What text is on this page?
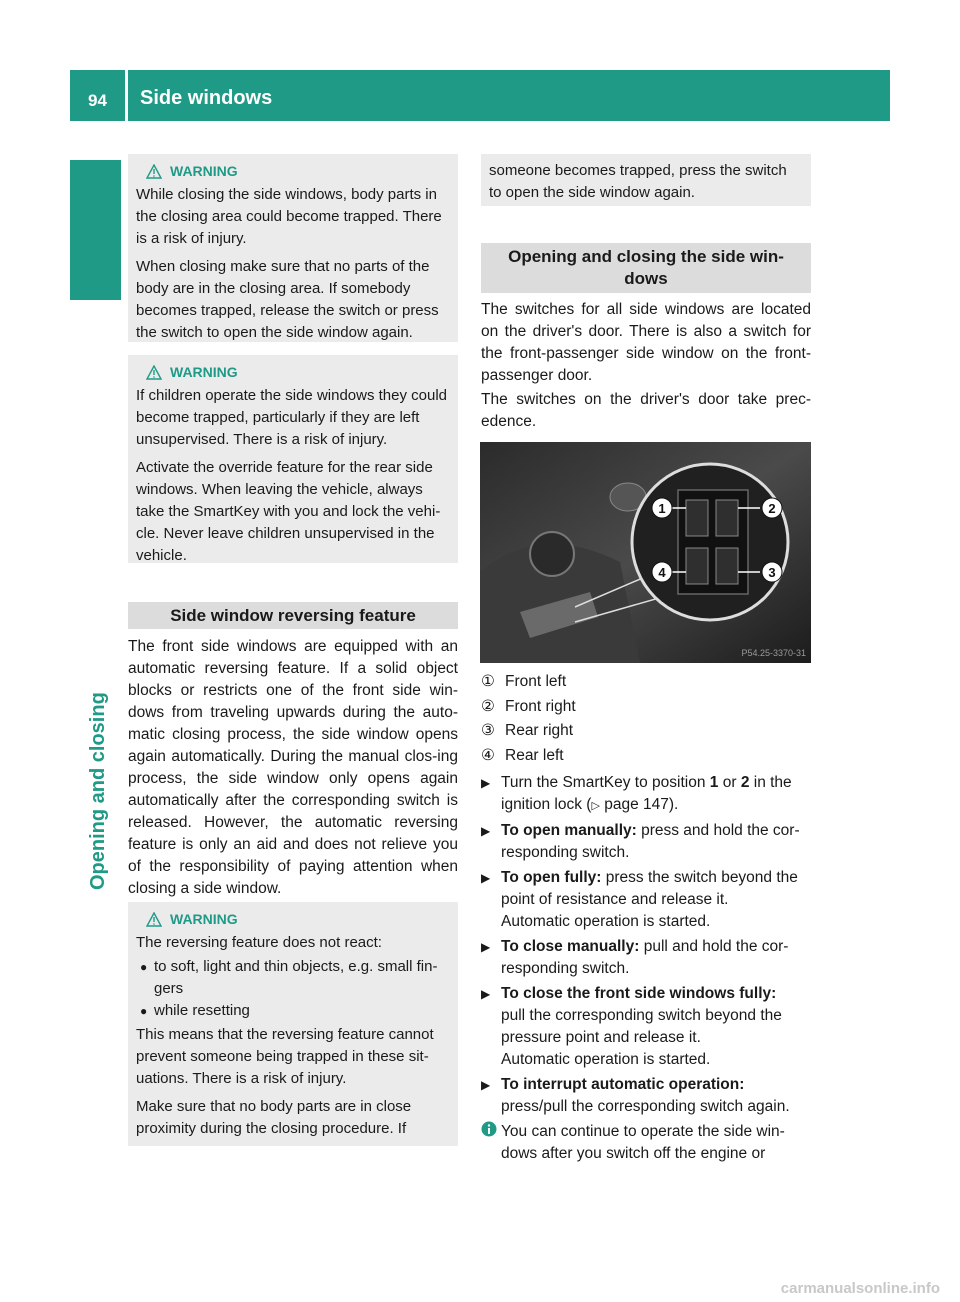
94 Side windows
Opening and closing
WARNING

While closing the side windows, body parts in the closing area could become trapped. There is a risk of injury.

When closing make sure that no parts of the body are in the closing area. If somebody becomes trapped, release the switch or press the switch to open the side window again.

WARNING

If children operate the side windows they could become trapped, particularly if they are left unsupervised. There is a risk of injury.

Activate the override feature for the rear side windows. When leaving the vehicle, always take the SmartKey with you and lock the vehi-cle. Never leave children unsupervised in the vehicle.

Side window reversing feature

The front side windows are equipped with an automatic reversing feature. If a solid object blocks or restricts one of the front side win-dows from traveling upwards during the auto-matic closing process, the side window opens again automatically. During the manual clos-ing process, the side window only opens again automatically after the corresponding switch is released. However, the automatic reversing feature is only an aid and does not relieve you of the responsibility of paying attention when closing a side window.

WARNING

The reversing feature does not react:

● to soft, light and thin objects, e.g. small fin-gers
● while resetting

This means that the reversing feature cannot prevent someone being trapped in these sit-uations. There is a risk of injury.

Make sure that no body parts are in close proximity during the closing procedure. If

someone becomes trapped, press the switch to open the side window again.

Opening and closing the side win-dows

The switches for all side windows are located on the driver's door. There is also a switch for the front-passenger side window on the front-passenger door.

The switches on the driver's door take prec-edence.

1	2
3
4
P54.25-3370-31
① Front left
② Front right
③ Rear right
④ Rear left
▶ Turn the SmartKey to position 1 or 2 in the ignition lock (▷ page 147).
▶ To open manually: press and hold the cor-responding switch.
▶ To open fully: press the switch beyond the point of resistance and release it.
Automatic operation is started.
▶ To close manually: pull and hold the cor-responding switch.
▶ To close the front side windows fully:
pull the corresponding switch beyond the pressure point and release it.
Automatic operation is started.
▶ To interrupt automatic operation:
press/pull the corresponding switch again.
You can continue to operate the side win-dows after you switch off the engine or
carmanualsonline.info
